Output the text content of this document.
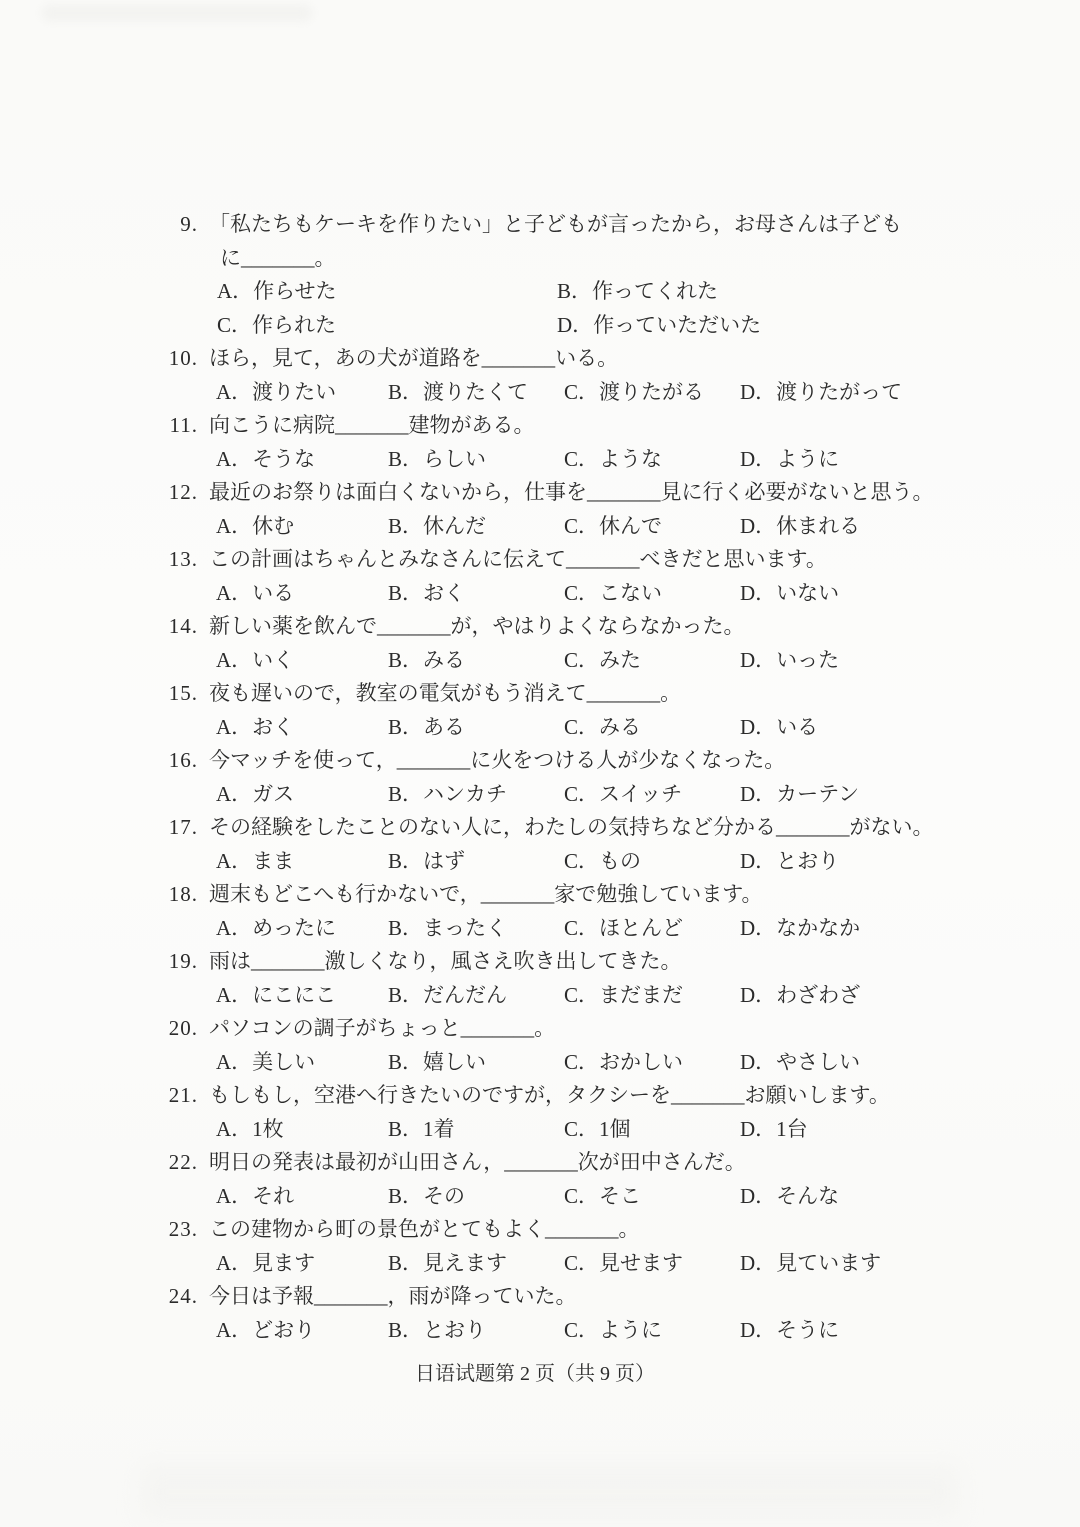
9. 「私たちもケーキを作りたい」と子どもが言ったから，お母さんは子ども
に_______。
A．作らせた	B．作ってくれた
C．作られた	D．作っていただいた
10. ほら，見て，あの犬が道路を_______いる。
A．渡りたい	B．渡りたくて	C．渡りたがる	D．渡りたがって
11. 向こうに病院_______建物がある。
A．そうな	B．らしい	C．ような	D．ように
12. 最近のお祭りは面白くないから，仕事を_______見に行く必要がないと思う。
A．休む	B．休んだ	C．休んで	D．休まれる
13. この計画はちゃんとみなさんに伝えて_______べきだと思います。
A．いる	B．おく	C．こない	D．いない
14. 新しい薬を飲んで_______が，やはりよくならなかった。
A．いく	B．みる	C．みた	D．いった
15. 夜も遅いので，教室の電気がもう消えて_______。
A．おく	B．ある	C．みる	D．いる
16. 今マッチを使って，_______に火をつける人が少なくなった。
A．ガス	B．ハンカチ	C．スイッチ	D．カーテン
17. その経験をしたことのない人に，わたしの気持ちなど分かる_______がない。
A．まま	B．はず	C．もの	D．とおり
18. 週末もどこへも行かないで，_______家で勉強しています。
A．めったに	B．まったく	C．ほとんど	D．なかなか
19. 雨は_______激しくなり，風さえ吹き出してきた。
A．にこにこ	B．だんだん	C．まだまだ	D．わざわざ
20. パソコンの調子がちょっと_______。
A．美しい	B．嬉しい	C．おかしい	D．やさしい
21. もしもし，空港へ行きたいのですが，タクシーを_______お願いします。
A．1枚	B．1着	C．1個	D．1台
22. 明日の発表は最初が山田さん，_______次が田中さんだ。
A．それ	B．その	C．そこ	D．そんな
23. この建物から町の景色がとてもよく_______。
A．見ます	B．見えます	C．見せます	D．見ています
24. 今日は予報_______，雨が降っていた。
A．どおり	B．とおり	C．ように	D．そうに
日语试题第 2 页（共 9 页）
